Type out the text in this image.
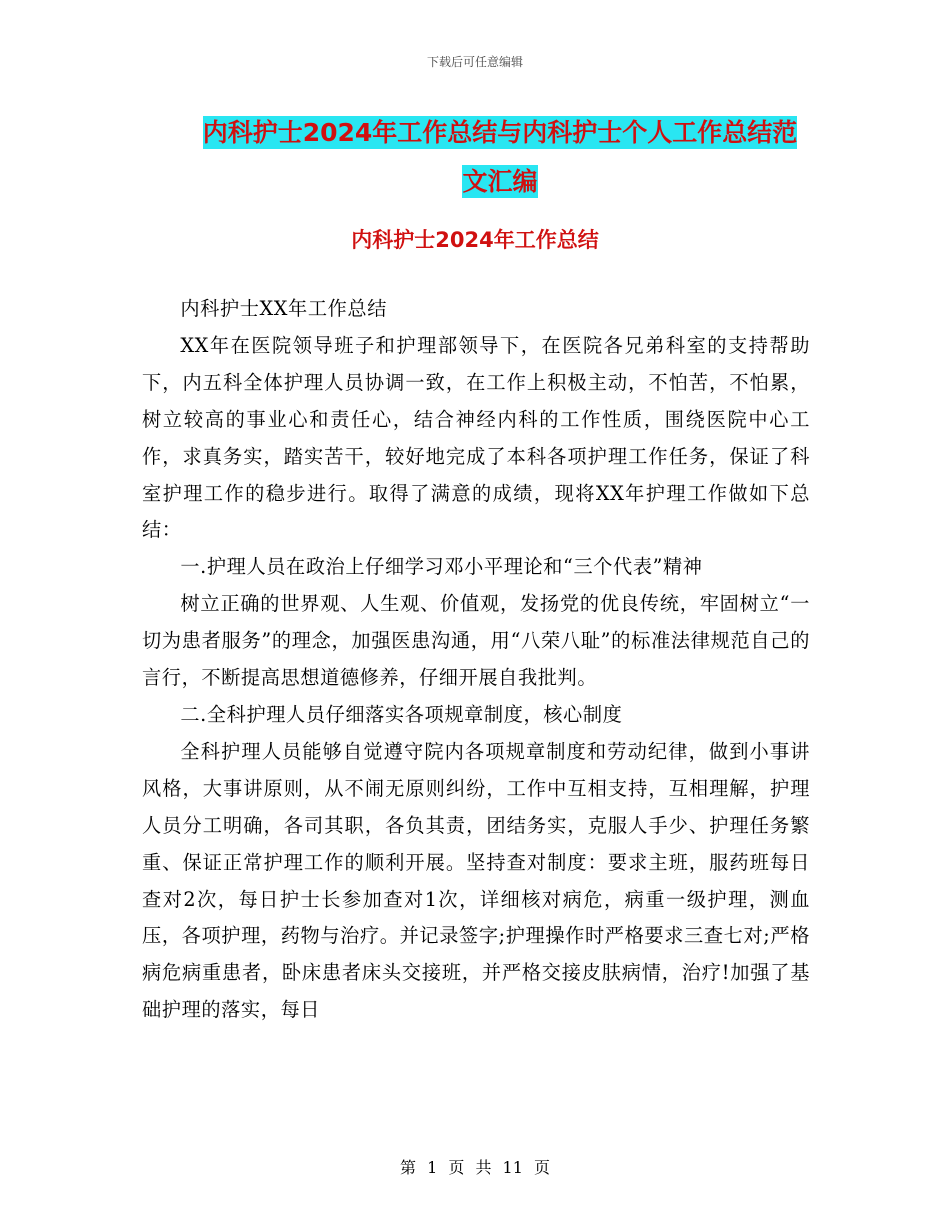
下载后可任意编辑
内科护士2024年工作总结与内科护士个人工作总结范
文汇编
内科护士2024年工作总结

内科护士XX年工作总结

XX年在医院领导班子和护理部领导下，在医院各兄弟科室的支持帮助下，内五科全体护理人员协调一致，在工作上积极主动，不怕苦，不怕累，树立较高的事业心和责任心，结合神经内科的工作性质，围绕医院中心工作，求真务实，踏实苦干，较好地完成了本科各项护理工作任务，保证了科室护理工作的稳步进行。取得了满意的成绩，现将XX年护理工作做如下总结：

一.护理人员在政治上仔细学习邓小平理论和“三个代表”精神

树立正确的世界观、人生观、价值观，发扬党的优良传统，牢固树立“一切为患者服务”的理念，加强医患沟通，用“八荣八耻”的标准法律规范自己的言行，不断提高思想道德修养，仔细开展自我批判。

二.全科护理人员仔细落实各项规章制度，核心制度

全科护理人员能够自觉遵守院内各项规章制度和劳动纪律，做到小事讲风格，大事讲原则，从不闹无原则纠纷，工作中互相支持，互相理解，护理人员分工明确，各司其职，各负其责，团结务实，克服人手少、护理任务繁重、保证正常护理工作的顺利开展。坚持查对制度：要求主班，服药班每日查对2次，每日护士长参加查对1次，详细核对病危，病重一级护理，测血压，各项护理，药物与治疗。并记录签字;护理操作时严格要求三查七对;严格病危病重患者，卧床患者床头交接班，并严格交接皮肤病情，治疗!加强了基础护理的落实，每日

第 1 页 共 11 页
